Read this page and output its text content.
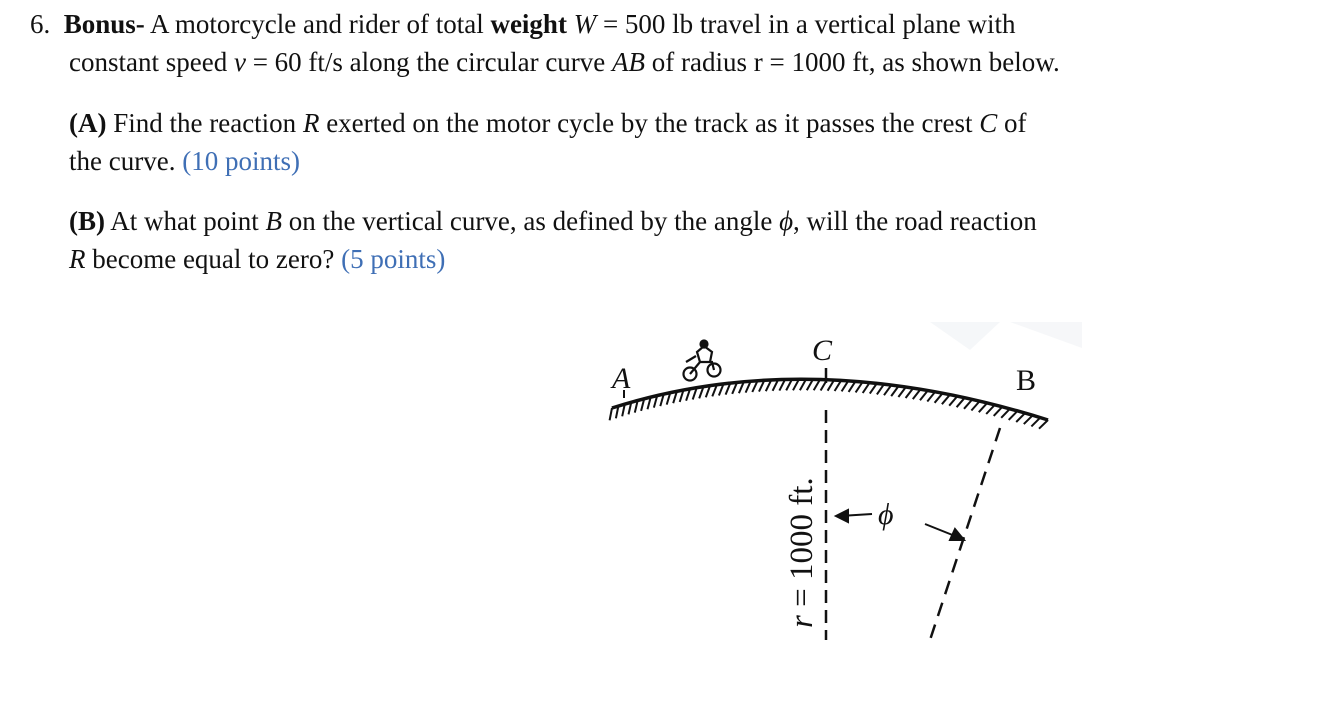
6. Bonus- A motorcycle and rider of total weight W = 500 lb travel in a vertical plane with
constant speed v = 60 ft/s along the circular curve AB of radius r = 1000 ft, as shown below.
(A) Find the reaction R exerted on the motor cycle by the track as it passes the crest C of
the curve. (10 points)
(B) At what point B on the vertical curve, as defined by the angle ϕ, will the road reaction
R become equal to zero? (5 points)
A
C
B
ϕ
r = 1000 ft.
